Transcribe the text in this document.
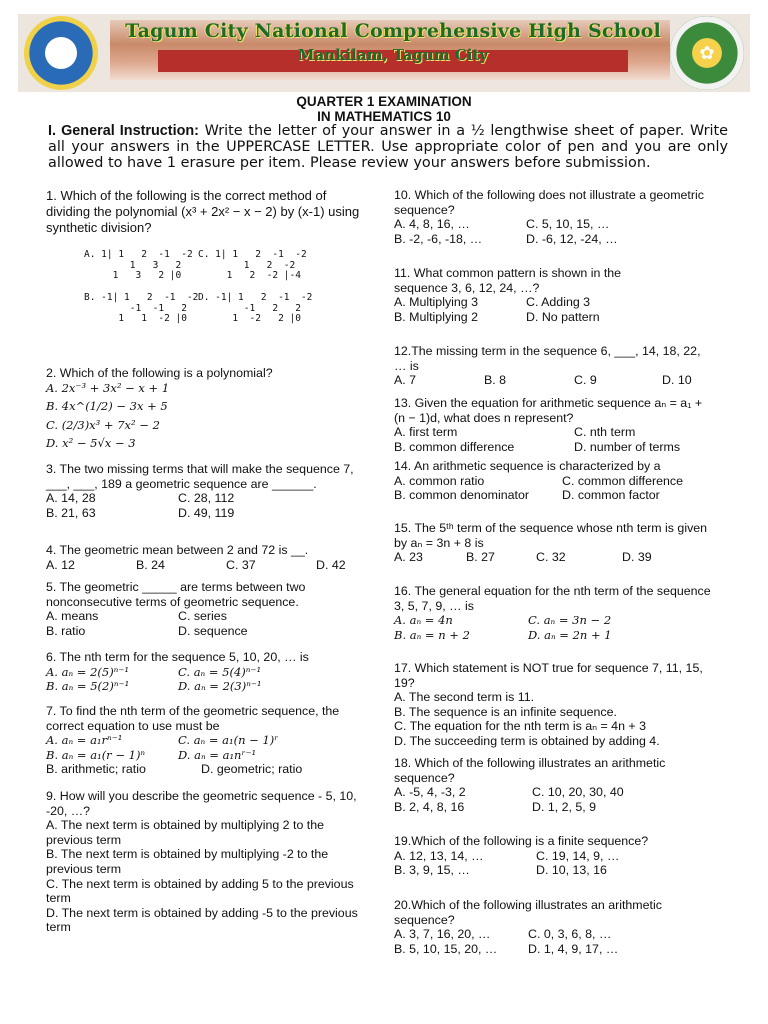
✦	✿
Tagum City National Comprehensive High School
Mankilam, Tagum City
QUARTER 1 EXAMINATION
IN MATHEMATICS 10
I. General Instruction: Write the letter of your answer in a ½ lengthwise sheet of paper. Write all your answers in the UPPERCASE LETTER. Use appropriate color of pen and you are only allowed to have 1 erasure per item. Please review your answers before submission.
1. Which of the following is the correct method of dividing the polynomial (x³ + 2x² − x − 2) by (x-1) using synthetic division?
A. 1| 1   2  -1  -2
1   3   2
1   3   2 |0
C. 1| 1   2  -1  -2
1   2  -2
1   2  -2 |-4
B. -1| 1   2  -1  -2
-1  -1   2
1   1  -2 |0
D. -1| 1   2  -1  -2
-1   2   2
1  -2   2 |0
2. Which of the following is a polynomial?
A. 2x⁻³ + 3x² − x + 1
B. 4x^(1/2) − 3x + 5
C. (2/3)x³ + 7x² − 2
D. x² − 5√x − 3
3. The two missing terms that will make the sequence 7, ___, ___, 189 a geometric sequence are ______.
A. 14, 28	C. 28, 112
B. 21, 63	D. 49, 119
4. The geometric mean between 2 and 72 is __.
A. 12	B. 24	C. 37	D. 42
5. The geometric _____ are terms between two nonconsecutive terms of geometric sequence.
A. means	C. series
B. ratio	D. sequence
6. The nth term for the sequence 5, 10, 20, … is
A. aₙ = 2(5)ⁿ⁻¹	C. aₙ = 5(4)ⁿ⁻¹
B. aₙ = 5(2)ⁿ⁻¹	D. aₙ = 2(3)ⁿ⁻¹
7. To find the nth term of the geometric sequence, the correct equation to use must be
A. aₙ = a₁rⁿ⁻¹	C. aₙ = a₁(n − 1)ʳ
B. aₙ = a₁(r − 1)ⁿ	D. aₙ = a₁nʳ⁻¹
B. arithmetic; ratio	D. geometric; ratio
9. How will you describe the geometric sequence - 5, 10, -20, …?
A. The next term is obtained by multiplying 2 to the previous term
B. The next term is obtained by multiplying -2 to the previous term
C. The next term is obtained by adding 5 to the previous term
D. The next term is obtained by adding -5 to the previous term
10. Which of the following does not illustrate a geometric sequence?
A. 4, 8, 16, …	C. 5, 10, 15, …
B. -2, -6, -18, …	D. -6, 12, -24, …
11. What common pattern is shown in the sequence 3, 6, 12, 24, …?
A. Multiplying 3	C. Adding 3
B. Multiplying 2	D. No pattern
12.The missing term in the sequence 6, ___, 14, 18, 22, … is
A. 7	B. 8	C. 9	D. 10
13. Given the equation for arithmetic sequence aₙ = a₁ + (n − 1)d, what does n represent?
A. first term	C. nth term
B. common difference	D. number of terms
14. An arithmetic sequence is characterized by a
A. common ratio	C. common difference
B. common denominator	D. common factor
15. The 5ᵗʰ term of the sequence whose nth term is given by aₙ = 3n + 8 is
A. 23	B. 27	C. 32	D. 39
16. The general equation for the nth term of the sequence 3, 5, 7, 9, … is
A. aₙ = 4n	C. aₙ = 3n − 2
B. aₙ = n + 2	D. aₙ = 2n + 1
17. Which statement is NOT true for sequence 7, 11, 15, 19?
A. The second term is 11.
B. The sequence is an infinite sequence.
C. The equation for the nth term is aₙ = 4n + 3
D. The succeeding term is obtained by adding 4.
18. Which of the following illustrates an arithmetic sequence?
A. -5, 4, -3, 2	C. 10, 20, 30, 40
B. 2, 4, 8, 16	D. 1, 2, 5, 9
19.Which of the following is a finite sequence?
A. 12, 13, 14, …	C. 19, 14, 9, …
B. 3, 9, 15, …	D. 10, 13, 16
20.Which of the following illustrates an arithmetic sequence?
A. 3, 7, 16, 20, …	C. 0, 3, 6, 8, …
B. 5, 10, 15, 20, …	D. 1, 4, 9, 17, …
